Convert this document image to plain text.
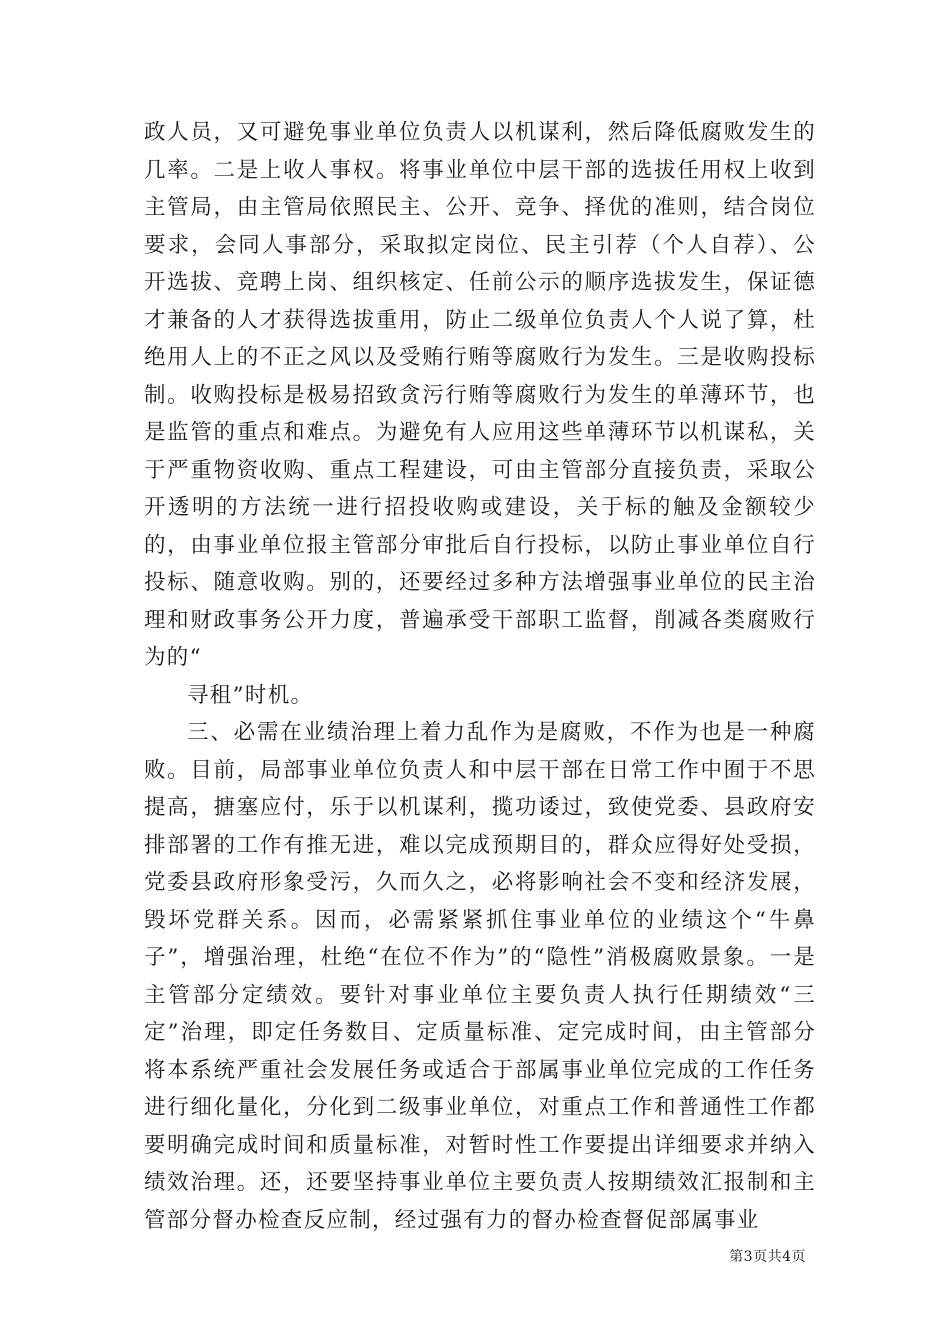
政人员，又可避免事业单位负责人以机谋利，然后降低腐败发生的几率。二是上收人事权。将事业单位中层干部的选拔任用权上收到主管局，由主管局依照民主、公开、竞争、择优的准则，结合岗位要求，会同人事部分，采取拟定岗位、民主引荐（个人自荐）、公开选拔、竞聘上岗、组织核定、任前公示的顺序选拔发生，保证德才兼备的人才获得选拔重用，防止二级单位负责人个人说了算，杜绝用人上的不正之风以及受贿行贿等腐败行为发生。三是收购投标制。收购投标是极易招致贪污行贿等腐败行为发生的单薄环节，也是监管的重点和难点。为避免有人应用这些单薄环节以机谋私，关于严重物资收购、重点工程建设，可由主管部分直接负责，采取公开透明的方法统一进行招投收购或建设，关于标的触及金额较少的，由事业单位报主管部分审批后自行投标，以防止事业单位自行投标、随意收购。别的，还要经过多种方法增强事业单位的民主治理和财政事务公开力度，普遍承受干部职工监督，削减各类腐败行为的“

寻租”时机。

三、必需在业绩治理上着力乱作为是腐败，不作为也是一种腐败。目前，局部事业单位负责人和中层干部在日常工作中囿于不思提高，搪塞应付，乐于以机谋利，揽功诿过，致使党委、县政府安排部署的工作有推无进，难以完成预期目的，群众应得好处受损，党委县政府形象受污，久而久之，必将影响社会不变和经济发展，毁坏党群关系。因而，必需紧紧抓住事业单位的业绩这个“牛鼻子”，增强治理，杜绝“在位不作为”的“隐性”消极腐败景象。一是主管部分定绩效。要针对事业单位主要负责人执行任期绩效“三定”治理，即定任务数目、定质量标准、定完成时间，由主管部分将本系统严重社会发展任务或适合于部属事业单位完成的工作任务进行细化量化，分化到二级事业单位，对重点工作和普通性工作都要明确完成时间和质量标准，对暂时性工作要提出详细要求并纳入绩效治理。还，还要坚持事业单位主要负责人按期绩效汇报制和主管部分督办检查反应制，经过强有力的督办检查督促部属事业

第3页共4页
